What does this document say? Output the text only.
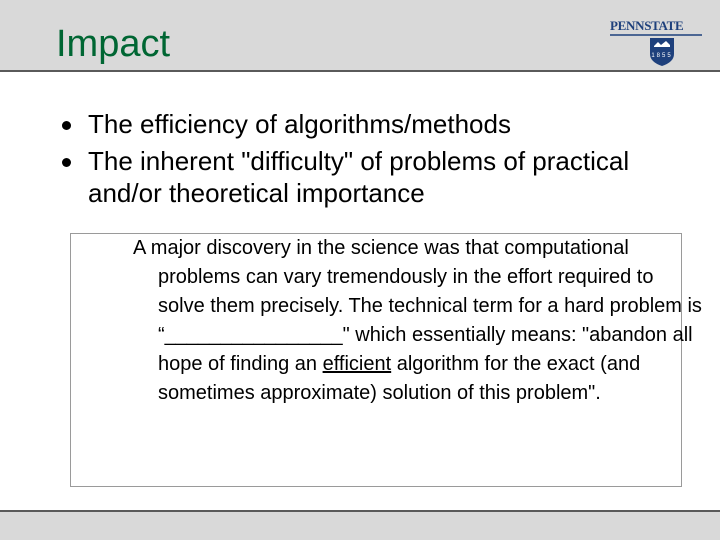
Impact	PENNSTATE
1855
The efficiency of algorithms/methods
The inherent "difficulty" of problems of practical and/or theoretical importance

A major discovery in the science was that computational problems can vary tremendously in the effort required to solve them precisely. The technical term for a hard problem is “________________" which essentially means: "abandon all hope of finding an efficient algorithm for the exact (and sometimes approximate) solution of this problem".
